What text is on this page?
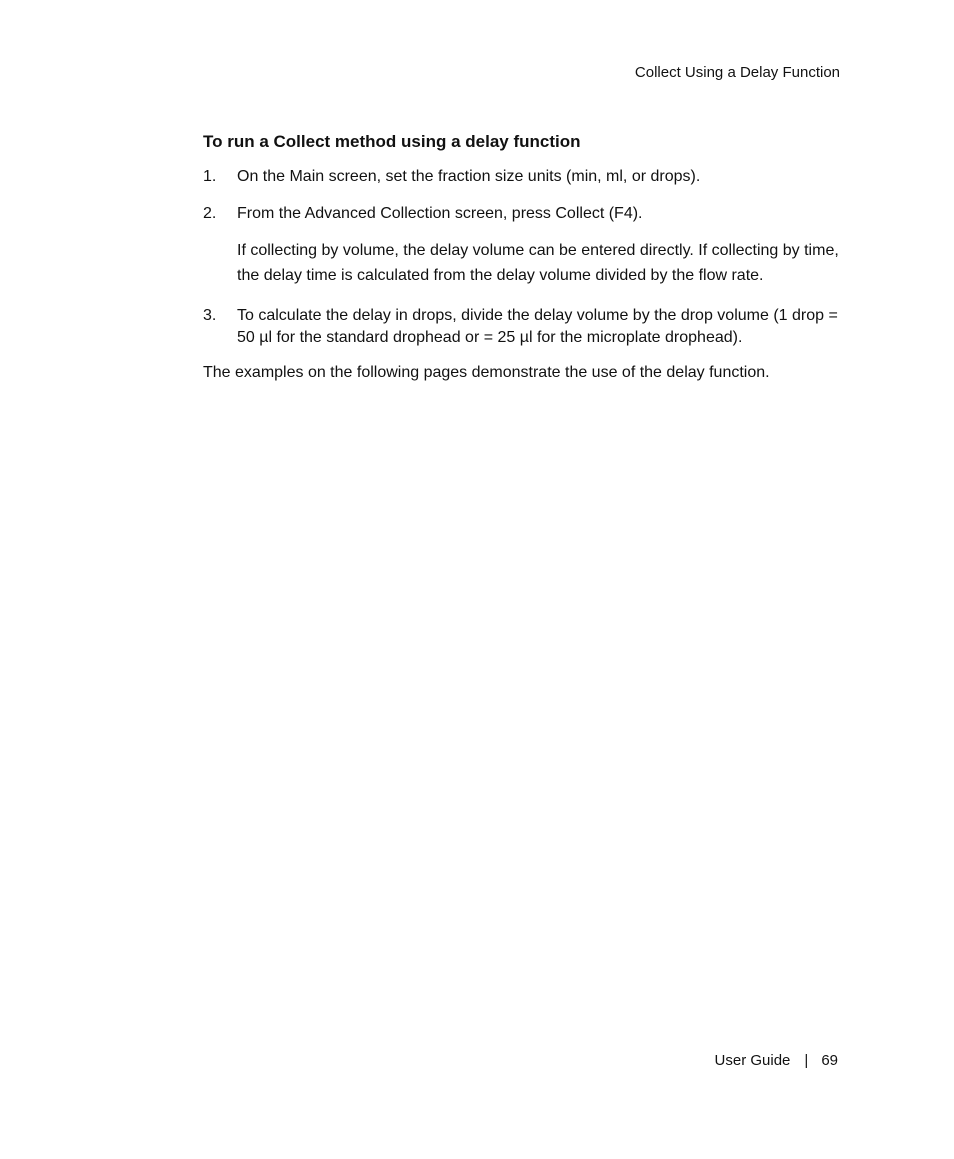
Collect Using a Delay Function
To run a Collect method using a delay function
1. On the Main screen, set the fraction size units (min, ml, or drops).

2. From the Advanced Collection screen, press Collect (F4).

If collecting by volume, the delay volume can be entered directly. If collecting by time, the delay time is calculated from the delay volume divided by the flow rate.

3. To calculate the delay in drops, divide the delay volume by the drop volume (1 drop = 50 µl for the standard drophead or = 25 µl for the microplate drophead).

The examples on the following pages demonstrate the use of the delay function.

User Guide | 69
